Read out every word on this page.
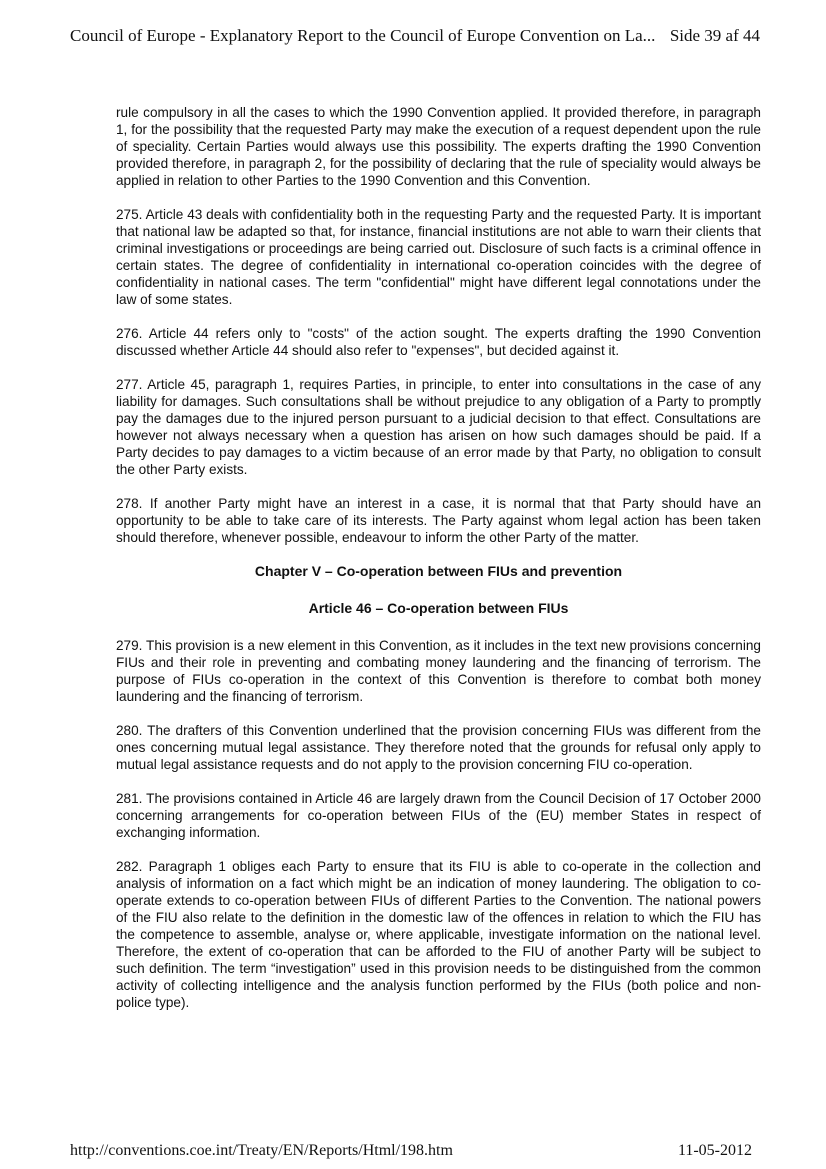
Council of Europe - Explanatory Report to the Council of Europe Convention on La... Side 39 af 44

rule compulsory in all the cases to which the 1990 Convention applied. It provided therefore, in paragraph 1, for the possibility that the requested Party may make the execution of a request dependent upon the rule of speciality. Certain Parties would always use this possibility. The experts drafting the 1990 Convention provided therefore, in paragraph 2, for the possibility of declaring that the rule of speciality would always be applied in relation to other Parties to the 1990 Convention and this Convention.

275. Article 43 deals with confidentiality both in the requesting Party and the requested Party. It is important that national law be adapted so that, for instance, financial institutions are not able to warn their clients that criminal investigations or proceedings are being carried out. Disclosure of such facts is a criminal offence in certain states. The degree of confidentiality in international co-operation coincides with the degree of confidentiality in national cases. The term "confidential" might have different legal connotations under the law of some states.

276. Article 44 refers only to "costs" of the action sought. The experts drafting the 1990 Convention discussed whether Article 44 should also refer to "expenses", but decided against it.

277. Article 45, paragraph 1, requires Parties, in principle, to enter into consultations in the case of any liability for damages. Such consultations shall be without prejudice to any obligation of a Party to promptly pay the damages due to the injured person pursuant to a judicial decision to that effect. Consultations are however not always necessary when a question has arisen on how such damages should be paid. If a Party decides to pay damages to a victim because of an error made by that Party, no obligation to consult the other Party exists.

278. If another Party might have an interest in a case, it is normal that that Party should have an opportunity to be able to take care of its interests. The Party against whom legal action has been taken should therefore, whenever possible, endeavour to inform the other Party of the matter.

Chapter V – Co-operation between FIUs and prevention
Article 46 – Co-operation between FIUs

279. This provision is a new element in this Convention, as it includes in the text new provisions concerning FIUs and their role in preventing and combating money laundering and the financing of terrorism. The purpose of FIUs co-operation in the context of this Convention is therefore to combat both money laundering and the financing of terrorism.

280. The drafters of this Convention underlined that the provision concerning FIUs was different from the ones concerning mutual legal assistance. They therefore noted that the grounds for refusal only apply to mutual legal assistance requests and do not apply to the provision concerning FIU co-operation.

281. The provisions contained in Article 46 are largely drawn from the Council Decision of 17 October 2000 concerning arrangements for co-operation between FIUs of the (EU) member States in respect of exchanging information.

282. Paragraph 1 obliges each Party to ensure that its FIU is able to co-operate in the collection and analysis of information on a fact which might be an indication of money laundering. The obligation to co-operate extends to co-operation between FIUs of different Parties to the Convention. The national powers of the FIU also relate to the definition in the domestic law of the offences in relation to which the FIU has the competence to assemble, analyse or, where applicable, investigate information on the national level. Therefore, the extent of co-operation that can be afforded to the FIU of another Party will be subject to such definition. The term “investigation” used in this provision needs to be distinguished from the common activity of collecting intelligence and the analysis function performed by the FIUs (both police and non-police type).

http://conventions.coe.int/Treaty/EN/Reports/Html/198.htm	11-05-2012
